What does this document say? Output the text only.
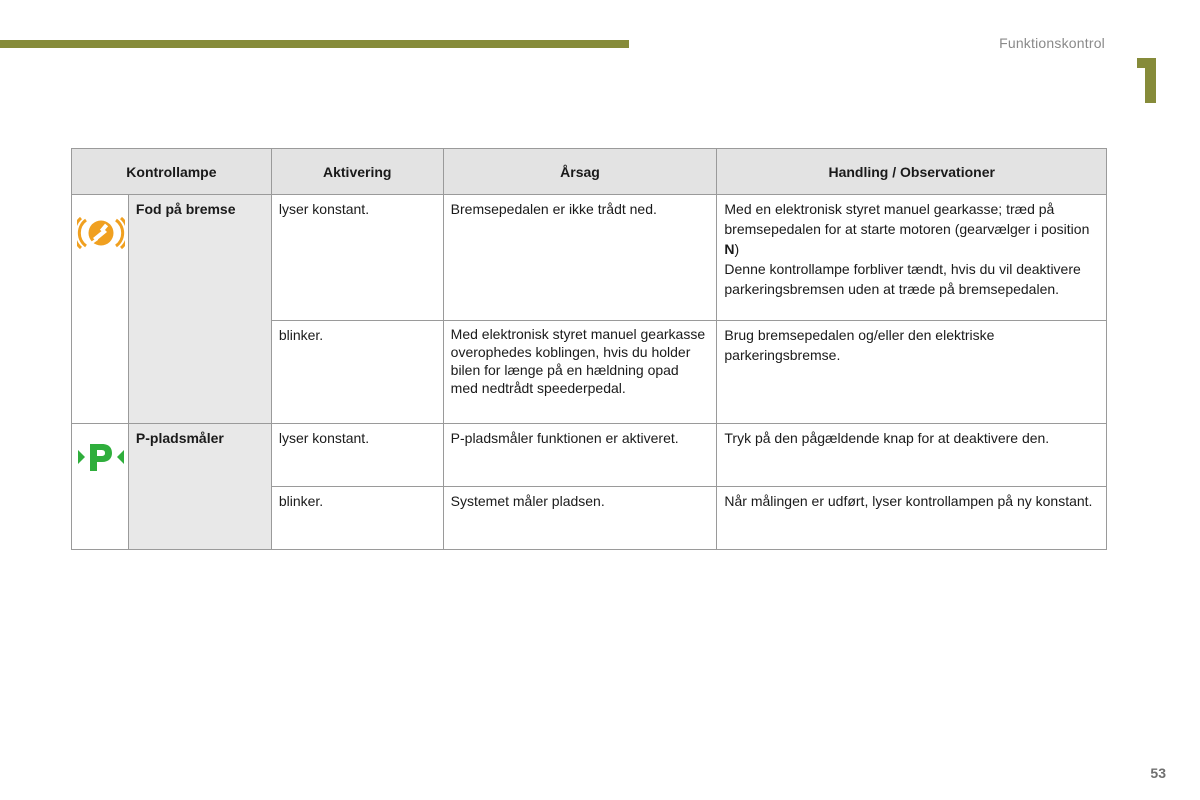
Funktionskontrol
Kontrollampe		Aktivering	Årsag	Handling / Observationer

	Fod på bremse	lyser konstant.	Bremsepedalen er ikke trådt ned.	Med en elektronisk styret manuel gearkasse; træd på bremsepedalen for at starte motoren (gearvælger i position N)
Denne kontrollampe forbliver tændt, hvis du vil deaktivere parkeringsbremsen uden at træde på bremsepedalen.
		blinker.	Med elektronisk styret manuel gearkasse overophedes koblingen, hvis du holder bilen for længe på en hældning opad med nedtrådt speederpedal.	Brug bremsepedalen og/eller den elektriske parkeringsbremse.

	P-pladsmåler	lyser konstant.	P-pladsmåler funktionen er aktiveret.	Tryk på den pågældende knap for at deaktivere den.
		blinker.	Systemet måler pladsen.	Når målingen er udført, lyser kontrollampen på ny konstant.
53
